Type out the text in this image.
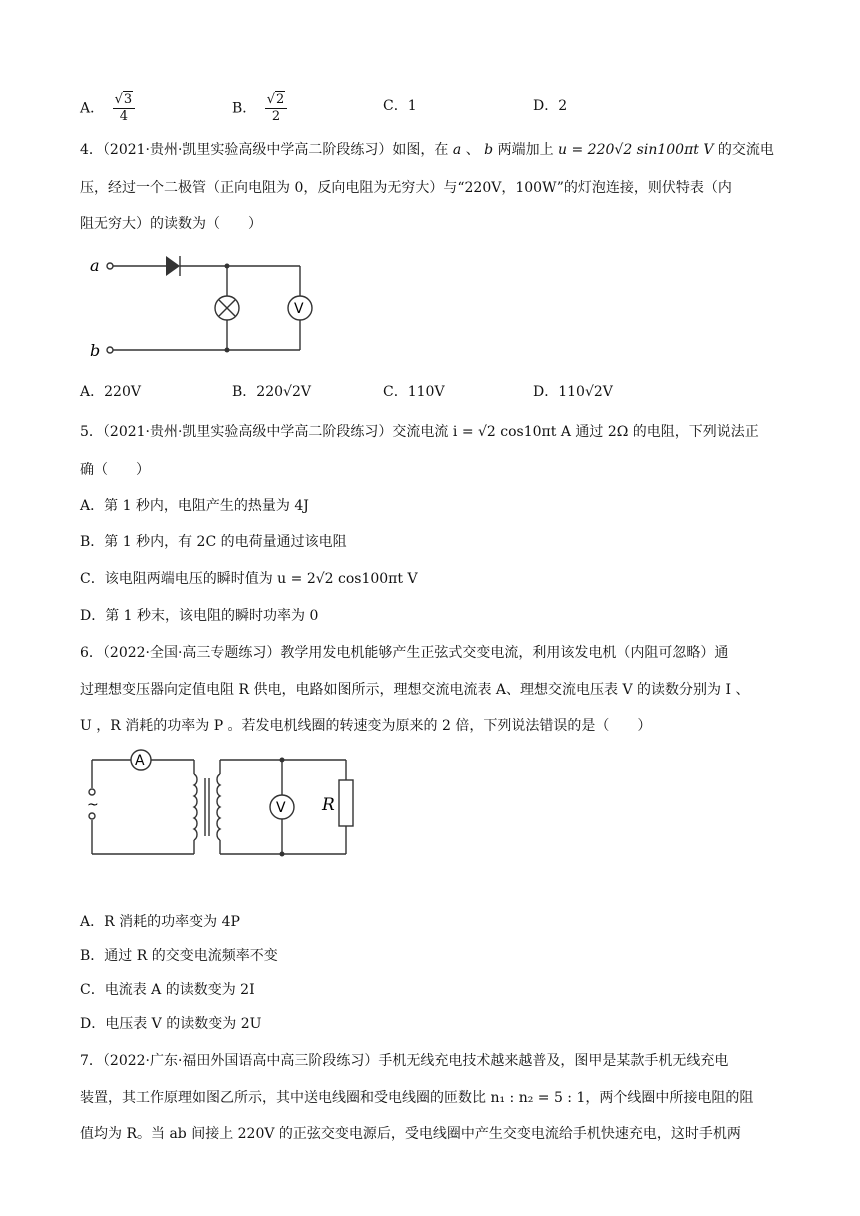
A． $\frac{√3}{4}$	B． $\frac{√2}{2}$	C．1	D．2
4．（2021·贵州·凯里实验高级中学高二阶段练习）如图，在 a 、 b 两端加上 u = 220√2 sin100πt V 的交流电
压，经过一个二极管（正向电阻为 0，反向电阻为无穷大）与“220V，100W”的灯泡连接，则伏特表（内
阻无穷大）的读数为（　　）
a
b
V
A．220V	B．220√2V	C．110V	D．110√2V
5．（2021·贵州·凯里实验高级中学高二阶段练习）交流电流 i = √2 cos10πt A 通过 2Ω 的电阻，下列说法正
确（　　）
A．第 1 秒内，电阻产生的热量为 4J
B．第 1 秒内，有 2C 的电荷量通过该电阻
C．该电阻两端电压的瞬时值为 u = 2√2 cos100πt V
D．第 1 秒末，该电阻的瞬时功率为 0
6．（2022·全国·高三专题练习）教学用发电机能够产生正弦式交变电流，利用该发电机（内阻可忽略）通
过理想变压器向定值电阻 R 供电，电路如图所示，理想交流电流表 A、理想交流电压表 V 的读数分别为 I 、
U ，R 消耗的功率为 P 。若发电机线圈的转速变为原来的 2 倍，下列说法错误的是（　　）
A
~	V R
A．R 消耗的功率变为 4P
B．通过 R 的交变电流频率不变
C．电流表 A 的读数变为 2I
D．电压表 V 的读数变为 2U
7．（2022·广东·福田外国语高中高三阶段练习）手机无线充电技术越来越普及，图甲是某款手机无线充电
装置，其工作原理如图乙所示，其中送电线圈和受电线圈的匝数比 n₁ : n₂ = 5 : 1，两个线圈中所接电阻的阻
值均为 R。当 ab 间接上 220V 的正弦交变电源后，受电线圈中产生交变电流给手机快速充电，这时手机两
